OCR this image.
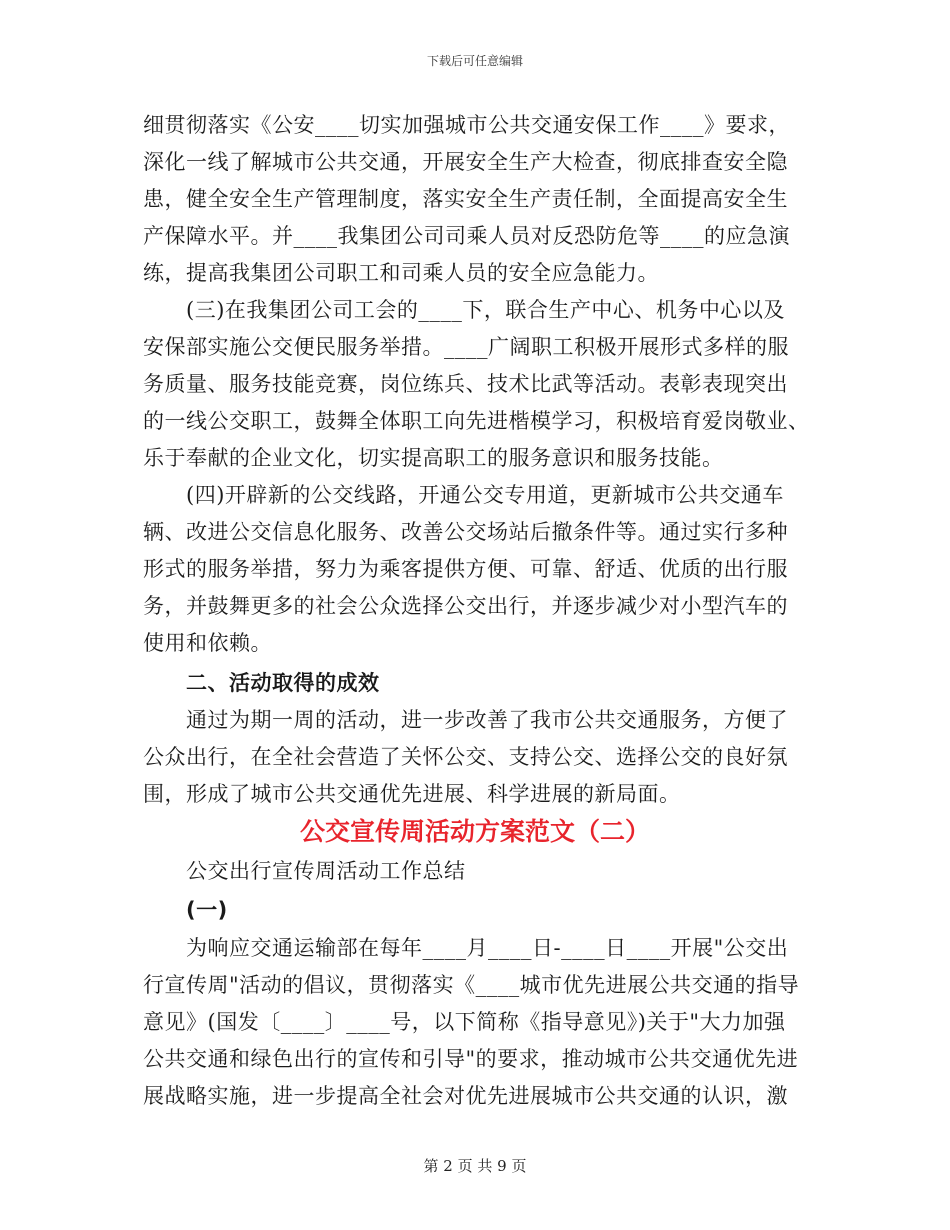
下载后可任意编辑
细贯彻落实《公安____切实加强城市公共交通安保工作____》要求，
深化一线了解城市公共交通，开展安全生产大检查，彻底排查安全隐
患，健全安全生产管理制度，落实安全生产责任制，全面提高安全生
产保障水平。并____我集团公司司乘人员对反恐防危等____的应急演
练，提高我集团公司职工和司乘人员的安全应急能力。
(三)在我集团公司工会的____下，联合生产中心、机务中心以及
安保部实施公交便民服务举措。____广阔职工积极开展形式多样的服
务质量、服务技能竞赛，岗位练兵、技术比武等活动。表彰表现突出
的一线公交职工，鼓舞全体职工向先进楷模学习，积极培育爱岗敬业、
乐于奉献的企业文化，切实提高职工的服务意识和服务技能。
(四)开辟新的公交线路，开通公交专用道，更新城市公共交通车
辆、改进公交信息化服务、改善公交场站后撤条件等。通过实行多种
形式的服务举措，努力为乘客提供方便、可靠、舒适、优质的出行服
务，并鼓舞更多的社会公众选择公交出行，并逐步减少对小型汽车的
使用和依赖。
二、活动取得的成效
通过为期一周的活动，进一步改善了我市公共交通服务，方便了
公众出行，在全社会营造了关怀公交、支持公交、选择公交的良好氛
围，形成了城市公共交通优先进展、科学进展的新局面。
公交宣传周活动方案范文（二）
公交出行宣传周活动工作总结
(一)
为响应交通运输部在每年____月____日-____日____开展"公交出
行宣传周"活动的倡议，贯彻落实《____城市优先进展公共交通的指导
意见》(国发〔____〕____号，以下简称《指导意见》)关于"大力加强
公共交通和绿色出行的宣传和引导"的要求，推动城市公共交通优先进
展战略实施，进一步提高全社会对优先进展城市公共交通的认识，激
第 2 页 共 9 页
